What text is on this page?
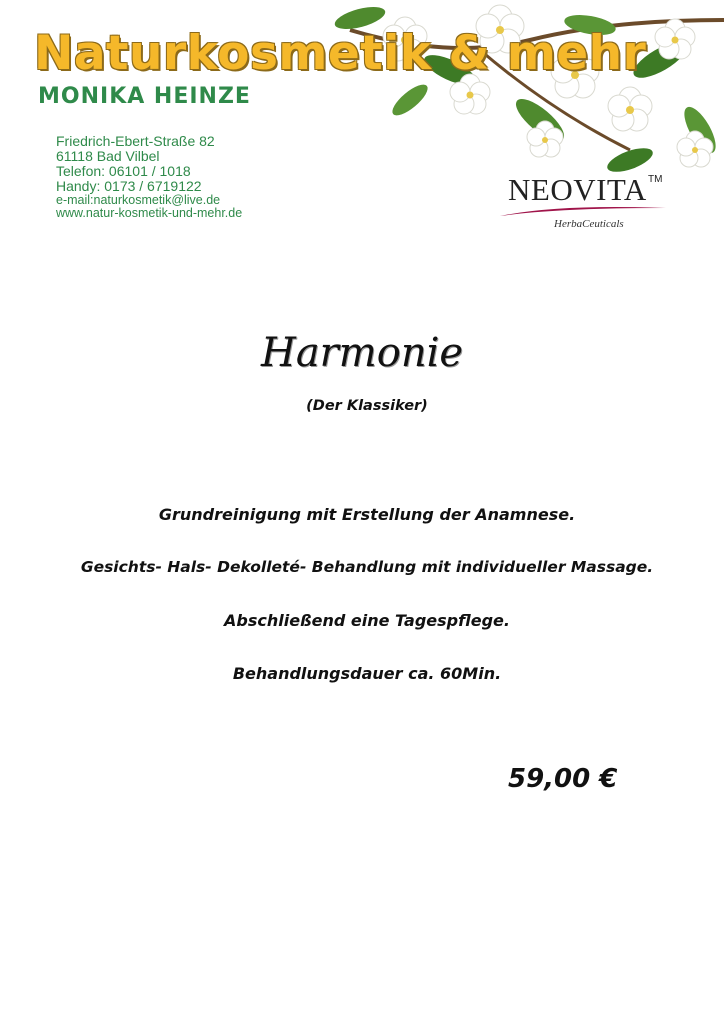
Naturkosmetik & mehr
MONIKA HEINZE
Friedrich-Ebert-Straße 82
61118 Bad Vilbel
Telefon: 06101 / 1018
Handy: 0173 / 6719122
e-mail:naturkosmetik@live.de
www.natur-kosmetik-und-mehr.de
NEOVITA TM
HerbaCeuticals
Harmonie
(Der Klassiker)
Grundreinigung mit Erstellung der Anamnese.
Gesichts- Hals- Dekolleté- Behandlung mit individueller Massage.
Abschließend eine Tagespflege.
Behandlungsdauer ca. 60Min.
59,00 €
